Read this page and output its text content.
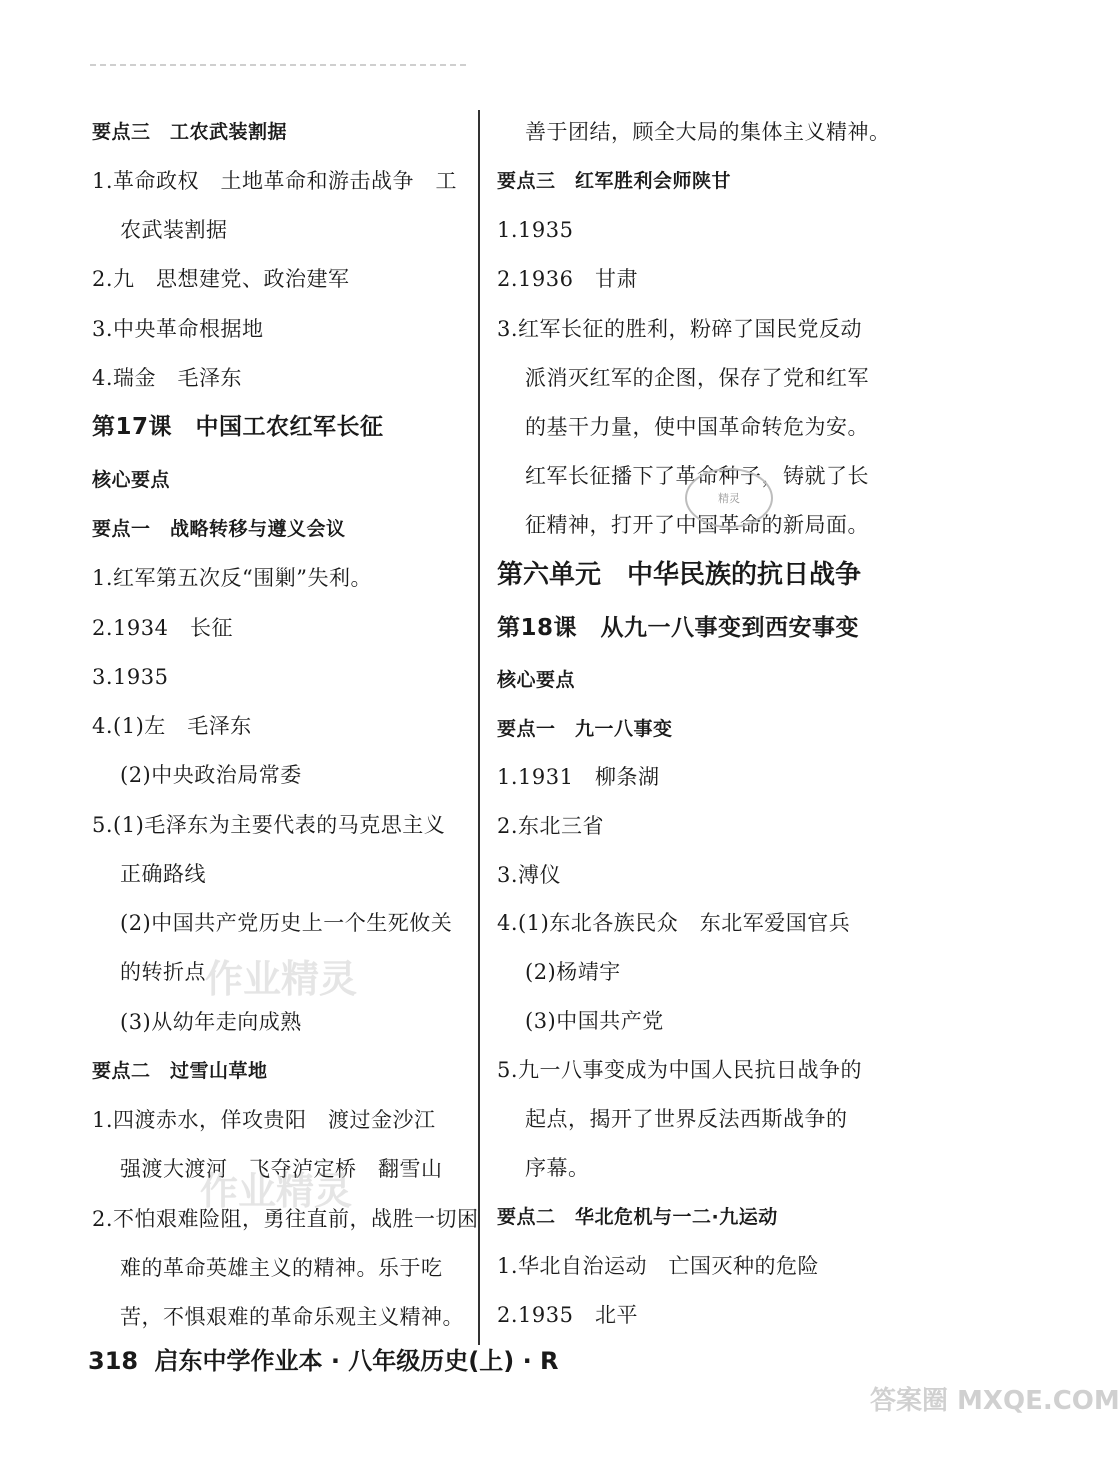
要点三　工农武装割据
1.革命政权　土地革命和游击战争　工
农武装割据
2.九　思想建党、政治建军
3.中央革命根据地
4.瑞金　毛泽东
第17课　中国工农红军长征
核心要点
要点一　战略转移与遵义会议
1.红军第五次反“围剿”失利。
2.1934　长征
3.1935
4.(1)左　毛泽东
(2)中央政治局常委
5.(1)毛泽东为主要代表的马克思主义
正确路线
(2)中国共产党历史上一个生死攸关
的转折点
(3)从幼年走向成熟
要点二　过雪山草地
1.四渡赤水，佯攻贵阳　渡过金沙江
强渡大渡河　飞夺泸定桥　翻雪山
2.不怕艰难险阻，勇往直前，战胜一切困
难的革命英雄主义的精神。乐于吃
苦，不惧艰难的革命乐观主义精神。
善于团结，顾全大局的集体主义精神。
要点三　红军胜利会师陕甘
1.1935
2.1936　甘肃
3.红军长征的胜利，粉碎了国民党反动
派消灭红军的企图，保存了党和红军
的基干力量，使中国革命转危为安。
红军长征播下了革命种子，铸就了长
征精神，打开了中国革命的新局面。
第六单元　中华民族的抗日战争
第18课　从九一八事变到西安事变
核心要点
要点一　九一八事变
1.1931　柳条湖
2.东北三省
3.溥仪
4.(1)东北各族民众　东北军爱国官兵
(2)杨靖宇
(3)中国共产党
5.九一八事变成为中国人民抗日战争的
起点，揭开了世界反法西斯战争的
序幕。
要点二　华北危机与一二·九运动
1.华北自治运动　亡国灭种的危险
2.1935　北平
作业精灵
作业精灵
精灵
318 启东中学作业本 · 八年级历史(上) · R
答案圈 MXQE.COM
